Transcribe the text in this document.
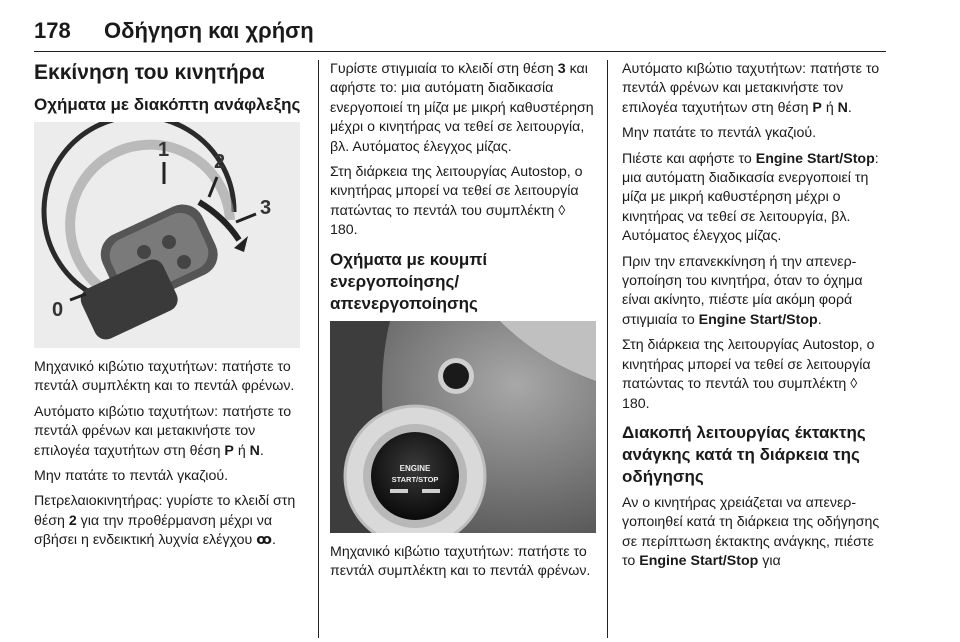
178 Οδήγηση και χρήση
Εκκίνηση του κινητήρα
Οχήματα με διακόπτη ανάφλεξης
1
2
3
0

Μηχανικό κιβώτιο ταχυτήτων: πατήστε το πεντάλ συμπλέκτη και το πεντάλ φρένων.

Αυτόματο κιβώτιο ταχυτήτων: πατήστε το πεντάλ φρένων και μετακινήστε τον επιλογέα ταχυτήτων στη θέση P ή N.

Μην πατάτε το πεντάλ γκαζιού.

Πετρελαιοκινητήρας: γυρίστε το κλειδί στη θέση 2 για την προθέρμανση μέχρι να σβήσει η ενδεικτική λυχνία ελέγχου ꝏ.

Γυρίστε στιγμιαία το κλειδί στη θέση 3 και αφήστε το: μια αυτόματη διαδικασία ενεργοποιεί τη μίζα με μικρή καθυστέρηση μέχρι ο κινητήρας να τεθεί σε λειτουργία, βλ. Αυτόματος έλεγχος μίζας.

Στη διάρκεια της λειτουργίας Autostop, ο κινητήρας μπορεί να τεθεί σε λειτουργία πατώντας το πεντάλ του συμπλέκτη ◊ 180.

Οχήματα με κουμπί ενεργοποίησης/ απενεργοποίησης
ENGINE
START/STOP

Μηχανικό κιβώτιο ταχυτήτων: πατήστε το πεντάλ συμπλέκτη και το πεντάλ φρένων.

Αυτόματο κιβώτιο ταχυτήτων: πατήστε το πεντάλ φρένων και μετακινήστε τον επιλογέα ταχυτήτων στη θέση P ή N.

Μην πατάτε το πεντάλ γκαζιού.

Πιέστε και αφήστε το Engine Start/Stop: μια αυτόματη διαδικασία ενεργοποιεί τη μίζα με μικρή καθυστέρηση μέχρι ο κινητήρας να τεθεί σε λειτουργία, βλ. Αυτόματος έλεγχος μίζας.

Πριν την επανεκκίνηση ή την απενεργοποίηση του κινητήρα, όταν το όχημα είναι ακίνητο, πιέστε μία ακόμη φορά στιγμιαία το Engine Start/Stop.

Στη διάρκεια της λειτουργίας Autostop, ο κινητήρας μπορεί να τεθεί σε λειτουργία πατώντας το πεντάλ του συμπλέκτη ◊ 180.

Διακοπή λειτουργίας έκτακτης ανάγκης κατά τη διάρκεια της οδήγησης

Αν ο κινητήρας χρειάζεται να απενεργοποιηθεί κατά τη διάρκεια της οδήγησης σε περίπτωση έκτακτης ανάγκης, πιέστε το Engine Start/Stop για
